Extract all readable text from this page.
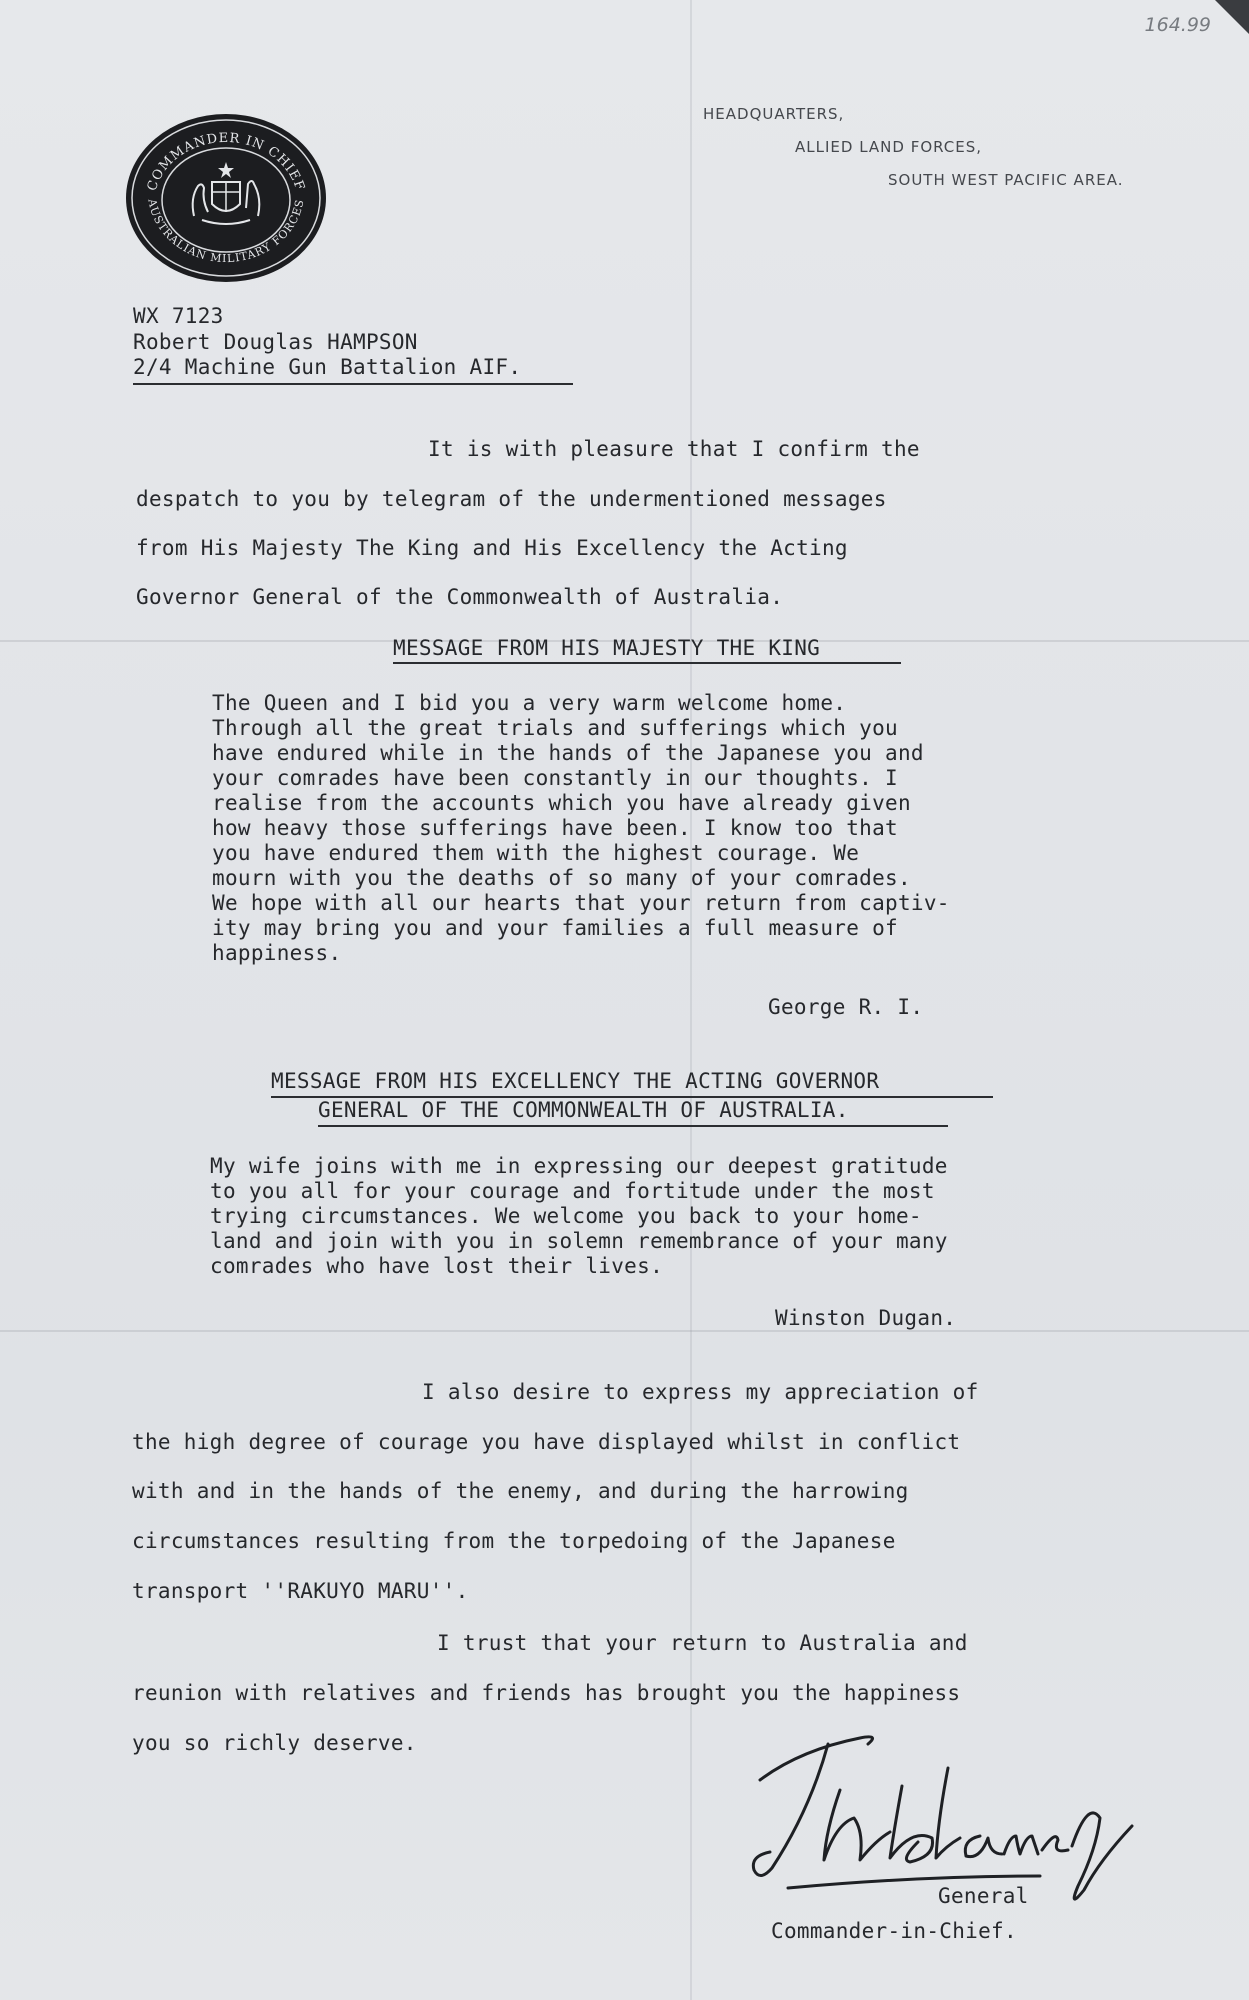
164.99
COMMANDER IN CHIEF
AUSTRALIAN MILITARY FORCES
HEADQUARTERS,
ALLIED LAND FORCES,
SOUTH WEST PACIFIC AREA.
WX 7123
Robert Douglas HAMPSON
2/4 Machine Gun Battalion AIF.
It is with pleasure that I confirm the
despatch to you by telegram of the undermentioned messages
from His Majesty The King and His Excellency the Acting
Governor General of the Commonwealth of Australia.
MESSAGE FROM HIS MAJESTY THE KING
The Queen and I bid you a very warm welcome home.
Through all the great trials and sufferings which you
have endured while in the hands of the Japanese you and
your comrades have been constantly in our thoughts. I
realise from the accounts which you have already given
how heavy those sufferings have been. I know too that
you have endured them with the highest courage. We
mourn with you the deaths of so many of your comrades.
We hope with all our hearts that your return from captiv-
ity may bring you and your families a full measure of
happiness.
George R. I.
MESSAGE FROM HIS EXCELLENCY THE ACTING GOVERNOR
GENERAL OF THE COMMONWEALTH OF AUSTRALIA.
My wife joins with me in expressing our deepest gratitude
to you all for your courage and fortitude under the most
trying circumstances. We welcome you back to your home-
land and join with you in solemn remembrance of your many
comrades who have lost their lives.
Winston Dugan.
I also desire to express my appreciation of
the high degree of courage you have displayed whilst in conflict
with and in the hands of the enemy, and during the harrowing
circumstances resulting from the torpedoing of the Japanese
transport ''RAKUYO MARU''.
I trust that your return to Australia and
reunion with relatives and friends has brought you the happiness
you so richly deserve.
General
Commander-in-Chief.
